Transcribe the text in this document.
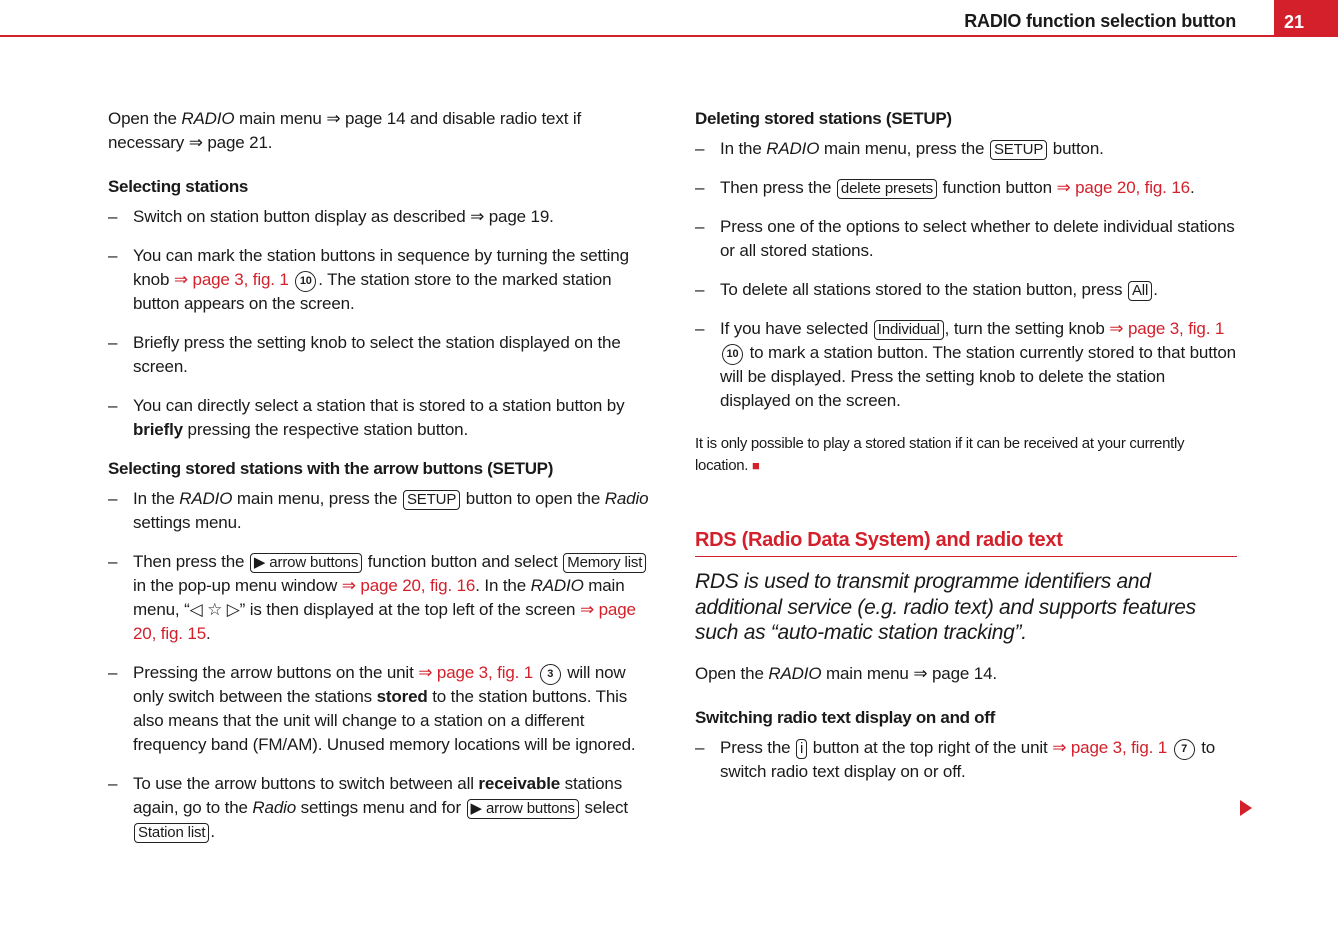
RADIO function selection button	21
Open the RADIO main menu ⇒ page 14 and disable radio text if necessary ⇒ page 21.
Selecting stations
– Switch on station button display as described ⇒ page 19.
– You can mark the station buttons in sequence by turning the setting knob ⇒ page 3, fig. 1 10 . The station store to the marked station button appears on the screen.
– Briefly press the setting knob to select the station displayed on the screen.
– You can directly select a station that is stored to a station button by briefly pressing the respective station button.
Selecting stored stations with the arrow buttons (SETUP)
– In the RADIO main menu, press the SETUP button to open the Radio settings menu.
– Then press the ▶ arrow buttons function button and select Memory list in the pop-up menu window ⇒ page 20, fig. 16. In the RADIO main menu, “◁ ☆ ▷” is then displayed at the top left of the screen ⇒ page 20, fig. 15.
– Pressing the arrow buttons on the unit ⇒ page 3, fig. 1 3 will now only switch between the stations stored to the station buttons. This also means that the unit will change to a station on a different frequency band (FM/AM). Unused memory locations will be ignored.
– To use the arrow buttons to switch between all receivable stations again, go to the Radio settings menu and for ▶ arrow buttons select Station list .
Deleting stored stations (SETUP)
– In the RADIO main menu, press the SETUP button.
– Then press the delete presets function button ⇒ page 20, fig. 16.
– Press one of the options to select whether to delete individual stations or all stored stations.
– To delete all stations stored to the station button, press All .
– If you have selected Individual , turn the setting knob ⇒ page 3, fig. 1 10 to mark a station button. The station currently stored to that button will be displayed. Press the setting knob to delete the station displayed on the screen.
It is only possible to play a stored station if it can be received at your currently location. ■
RDS (Radio Data System) and radio text
RDS is used to transmit programme identifiers and additional service (e.g. radio text) and supports features such as “auto-matic station tracking”.
Open the RADIO main menu ⇒ page 14.
Switching radio text display on and off
– Press the i button at the top right of the unit ⇒ page 3, fig. 1 7 to switch radio text display on or off.
